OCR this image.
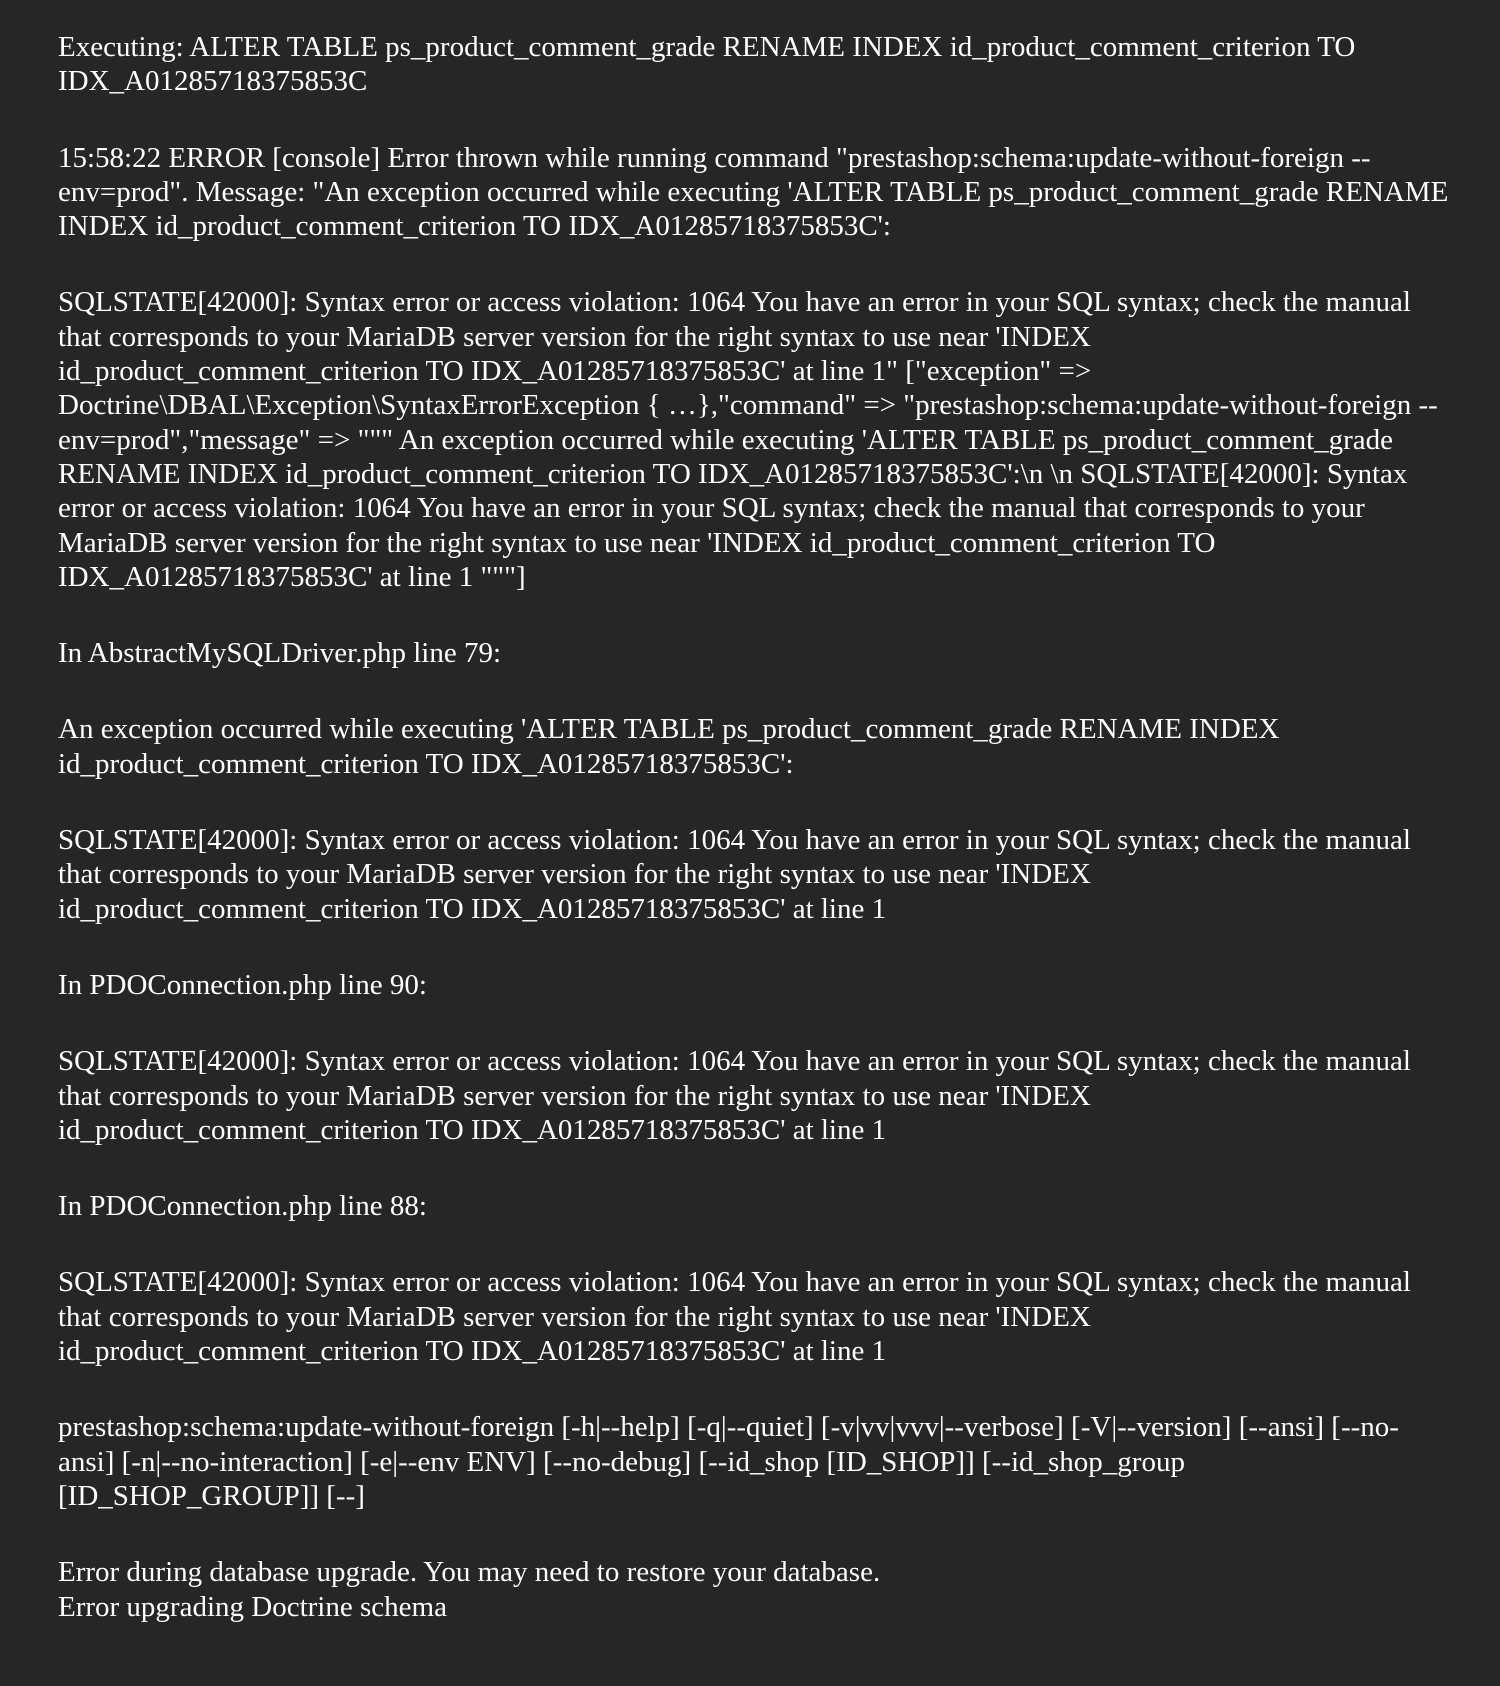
Executing: ALTER TABLE ps_product_comment_grade RENAME INDEX id_product_comment_criterion TO IDX_A01285718375853C

15:58:22 ERROR [console] Error thrown while running command "prestashop:schema:update-without-foreign --env=prod". Message: "An exception occurred while executing 'ALTER TABLE ps_product_comment_grade RENAME INDEX id_product_comment_criterion TO IDX_A01285718375853C':

SQLSTATE[42000]: Syntax error or access violation: 1064 You have an error in your SQL syntax; check the manual that corresponds to your MariaDB server version for the right syntax to use near 'INDEX id_product_comment_criterion TO IDX_A01285718375853C' at line 1" ["exception" => Doctrine\DBAL\Exception\SyntaxErrorException { …},"command" => "prestashop:schema:update-without-foreign --env=prod","message" => """ An exception occurred while executing 'ALTER TABLE ps_product_comment_grade RENAME INDEX id_product_comment_criterion TO IDX_A01285718375853C':\n \n SQLSTATE[42000]: Syntax error or access violation: 1064 You have an error in your SQL syntax; check the manual that corresponds to your MariaDB server version for the right syntax to use near 'INDEX id_product_comment_criterion TO IDX_A01285718375853C' at line 1 """]

In AbstractMySQLDriver.php line 79:

An exception occurred while executing 'ALTER TABLE ps_product_comment_grade RENAME INDEX id_product_comment_criterion TO IDX_A01285718375853C':

SQLSTATE[42000]: Syntax error or access violation: 1064 You have an error in your SQL syntax; check the manual that corresponds to your MariaDB server version for the right syntax to use near 'INDEX id_product_comment_criterion TO IDX_A01285718375853C' at line 1

In PDOConnection.php line 90:

SQLSTATE[42000]: Syntax error or access violation: 1064 You have an error in your SQL syntax; check the manual that corresponds to your MariaDB server version for the right syntax to use near 'INDEX id_product_comment_criterion TO IDX_A01285718375853C' at line 1

In PDOConnection.php line 88:

SQLSTATE[42000]: Syntax error or access violation: 1064 You have an error in your SQL syntax; check the manual that corresponds to your MariaDB server version for the right syntax to use near 'INDEX id_product_comment_criterion TO IDX_A01285718375853C' at line 1

prestashop:schema:update-without-foreign [-h|--help] [-q|--quiet] [-v|vv|vvv|--verbose] [-V|--version] [--ansi] [--no-ansi] [-n|--no-interaction] [-e|--env ENV] [--no-debug] [--id_shop [ID_SHOP]] [--id_shop_group [ID_SHOP_GROUP]] [--]

Error during database upgrade. You may need to restore your database.

Error upgrading Doctrine schema
